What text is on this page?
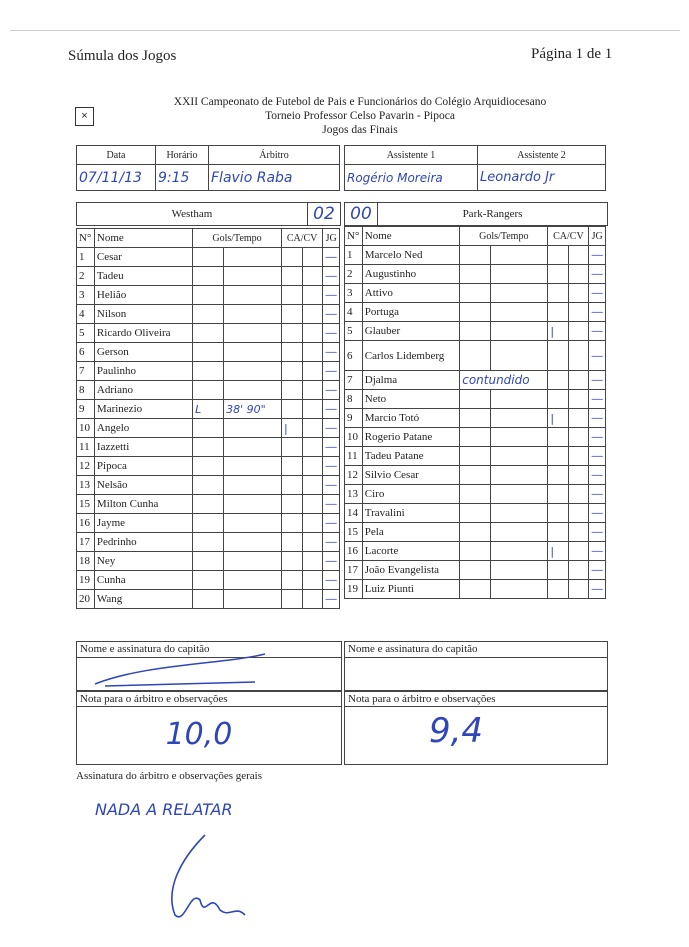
Súmula dos Jogos	Página 1 de 1
×
XXII Campeonato de Futebol de Pais e Funcionários do Colégio Arquidiocesano
Torneio Professor Celso Pavarin - Pipoca
Jogos das Finais
Data	Horário	Árbitro
07/11/13	9:15	Flavio Raba
Assistente 1	Assistente 2
Rogério Moreira	Leonardo Jr
Westham	02 00	Park-Rangers
N°	Nome	Gols/Tempo		CA/CV		JG
1	Cesar					—
2	Tadeu					—
3	Helião					—
4	Nilson					—
5	Ricardo Oliveira					—
6	Gerson					—
7	Paulinho					—
8	Adriano					—
9	Marinezio	L	38' 90"			—
10	Angelo			|		—
11	Iazzetti					—
12	Pipoca					—
13	Nelsão					—
15	Milton Cunha					—
16	Jayme					—
17	Pedrinho					—
18	Ney					—
19	Cunha					—
20	Wang					—
N°	Nome	Gols/Tempo		CA/CV		JG
1	Marcelo Ned					—
2	Augustinho					—
3	Attivo					—
4	Portuga					—
5	Glauber			|		—
6	Carlos Lidemberg					—
7	Djalma	contundido				—
8	Neto					—
9	Marcio Totó			|		—
10	Rogerio Patane					—
11	Tadeu Patane					—
12	Silvio Cesar					—
13	Ciro					—
14	Travalini					—
15	Pela					—
16	Lacorte			|		—
17	João Evangelista					—
19	Luiz Piunti					—
Nome e assinatura do capitão	Nome e assinatura do capitão
Nota para o árbitro e observações
10,0
Nota para o árbitro e observações
9,4
Assinatura do árbitro e observações gerais
NADA A RELATAR
